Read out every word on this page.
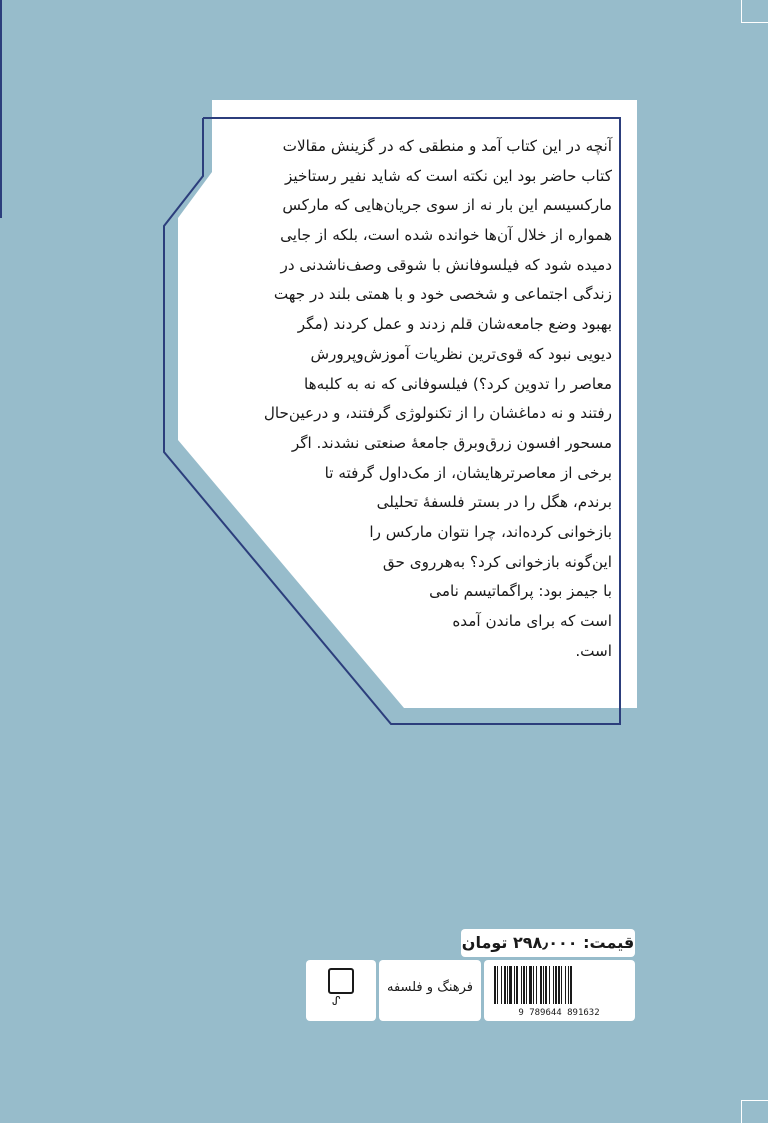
آنچه در این کتاب آمد و منطقی که در گزینش مقالات
کتاب حاضر بود این نکته است که شاید نفیر رستاخیز
مارکسیسم این بار نه از سوی جریان‌هایی که مارکس
همواره از خلال آن‌ها خوانده شده است، بلکه از جایی
دمیده شود که فیلسوفانش با شوقی وصف‌ناشدنی در
زندگی اجتماعی و شخصی خود و با همتی بلند در جهت
بهبود وضع جامعه‌شان قلم زدند و عمل کردند (مگر
دیویی نبود که قوی‌ترین نظریات آموزش‌وپرورش
معاصر را تدوین کرد؟) فیلسوفانی که نه به کلبه‌ها
رفتند و نه دماغشان را از تکنولوژی گرفتند، و درعین‌حال
مسحور افسون زرق‌وبرق جامعهٔ صنعتی نشدند. اگر
برخی از معاصرترهایشان، از مک‌داول گرفته تا
برندم، هگل را در بستر فلسفهٔ تحلیلی
بازخوانی کرده‌اند، چرا نتوان مارکس را
این‌گونه بازخوانی کرد؟ به‌هرروی حق
با جیمز بود: پراگماتیسم نامی
است که برای ماندن آمده
است.
قیمت: ۲۹۸٫۰۰۰ تومان
ᔑ
فرهنگ و فلسفه
9 789644 891632
